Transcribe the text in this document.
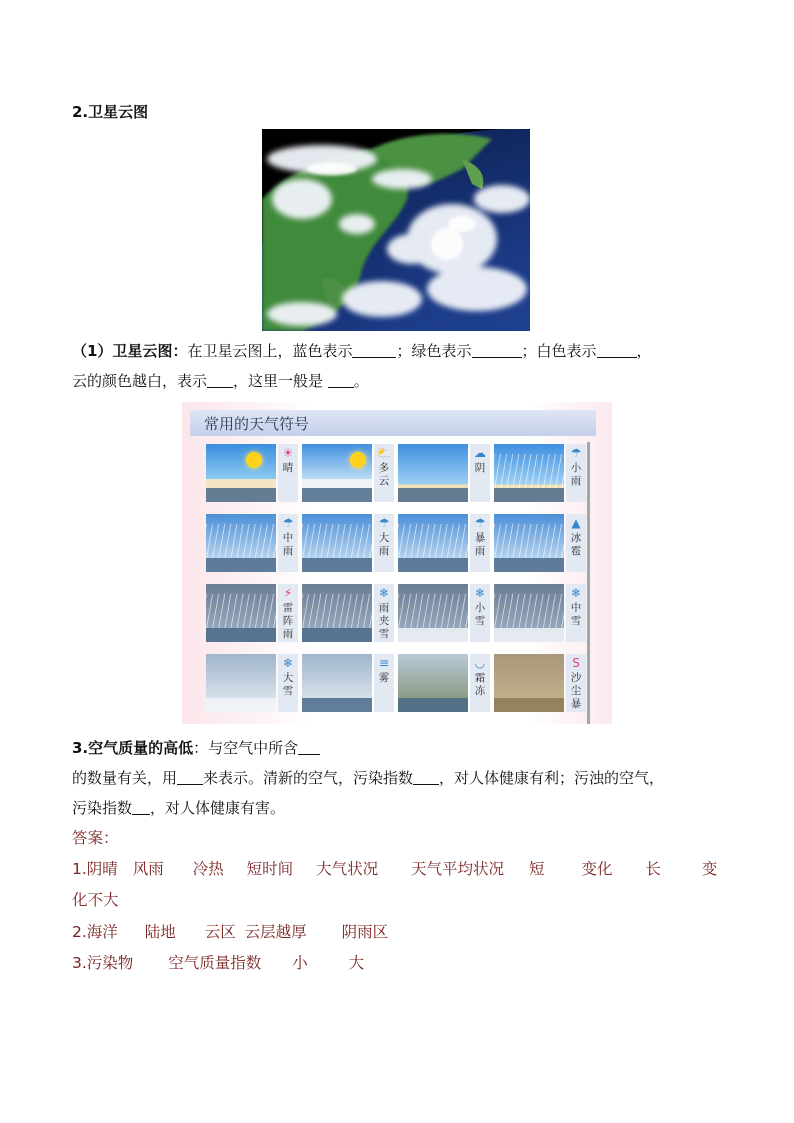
2.卫星云图
（1）卫星云图：在卫星云图上，蓝色表示	；绿色表示	；白色表示	，
云的颜色越白，表示 ，这里一般是 。
常用的天气符号
☀
晴
⛅
多云
☁
阴
☂
小雨
☂
中雨
☂
大雨
☂
暴雨
▲
冰雹
⚡
雷阵雨
❄
雨夹雪
❄
小雪
❄
中雪
❄
大雪
≡
雾
◡
霜冻
S
沙尘暴
3.空气质量的高低：与空气中所含
的数量有关，用 来表示。清新的空气，污染指数 ，对人体健康有利；污浊的空气，
污染指数 ，对人体健康有害。
答案：
1.阴晴 风雨 冷热 短时间 大气状况 天气平均状况 短 变化 长	变
化不大
2.海洋 陆地 云区 云层越厚 阴雨区
3.污染物 空气质量指数 小	大
